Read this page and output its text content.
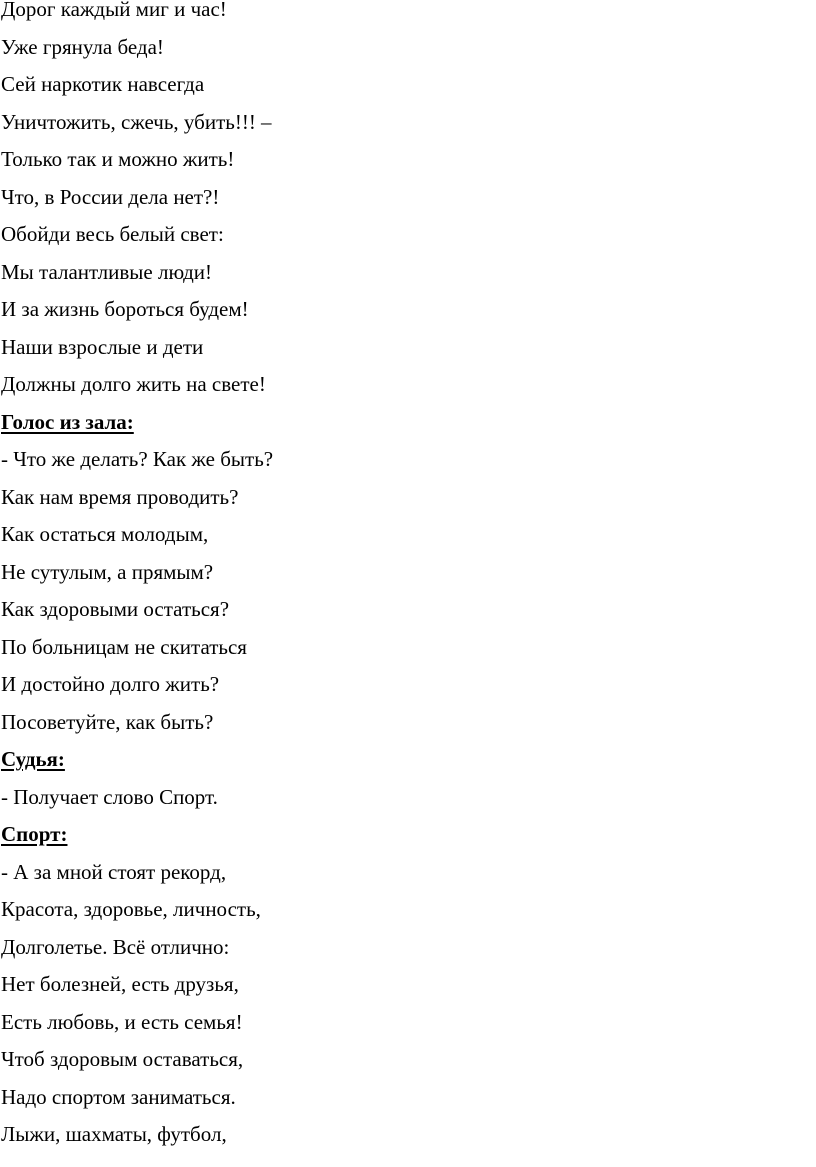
Дорог каждый миг и час!
Уже грянула беда!
Сей наркотик навсегда
Уничтожить, сжечь, убить!!! –
Только так и можно жить!
Что, в России дела нет?!
Обойди весь белый свет:
Мы талантливые люди!
И за жизнь бороться будем!
Наши взрослые и дети
Должны долго жить на свете!
Голос из зала:
- Что же делать? Как же быть?
Как нам время проводить?
Как остаться молодым,
Не сутулым, а прямым?
Как здоровыми остаться?
По больницам не скитаться
И достойно долго жить?
Посоветуйте, как быть?
Судья:
- Получает слово Спорт.
Спорт:
- А за мной стоят рекорд,
Красота, здоровье, личность,
Долголетье. Всё отлично:
Нет болезней, есть друзья,
Есть любовь, и есть семья!
Чтоб здоровым оставаться,
Надо спортом заниматься.
Лыжи, шахматы, футбол,
